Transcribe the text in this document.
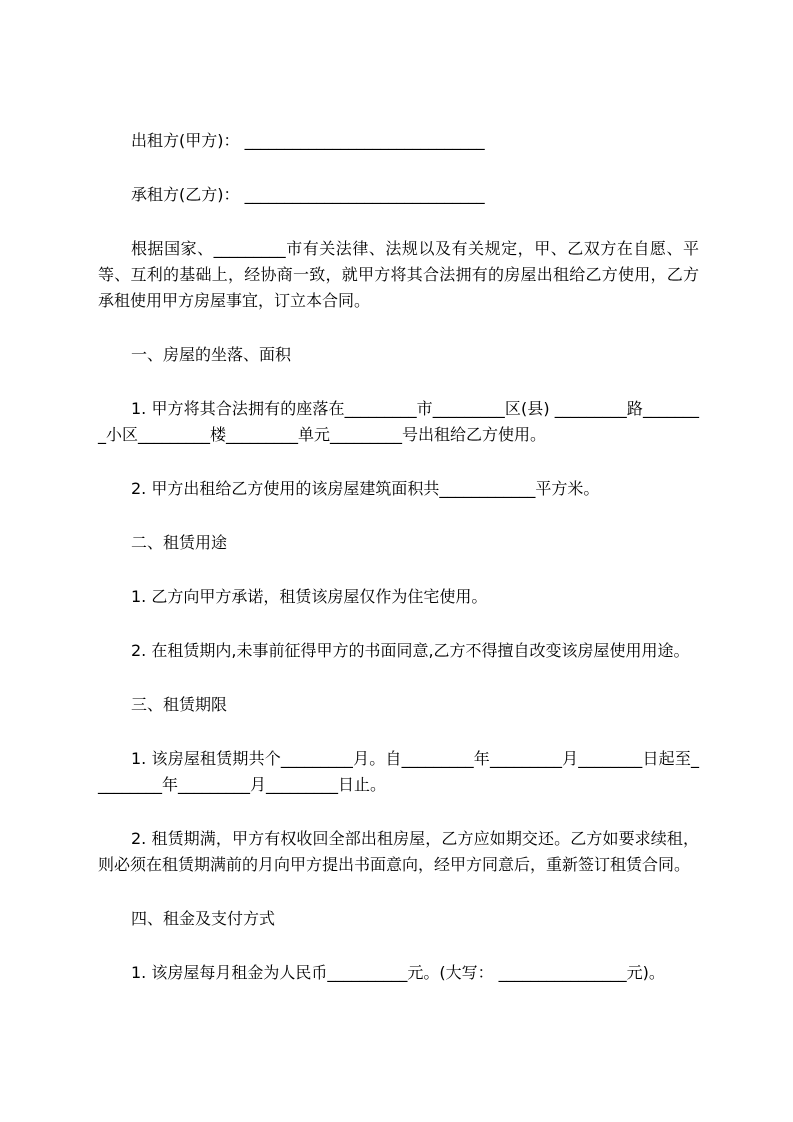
出租方(甲方)： ______________________________

承租方(乙方)： ______________________________

根据国家、_________市有关法律、法规以及有关规定，甲、乙双方在自愿、平等、互利的基础上，经协商一致，就甲方将其合法拥有的房屋出租给乙方使用，乙方承租使用甲方房屋事宜，订立本合同。

一、房屋的坐落、面积

1. 甲方将其合法拥有的座落在_________市_________区(县) _________路________小区_________楼_________单元_________号出租给乙方使用。

2. 甲方出租给乙方使用的该房屋建筑面积共____________平方米。

二、租赁用途

1. 乙方向甲方承诺，租赁该房屋仅作为住宅使用。

2. 在租赁期内,未事前征得甲方的书面同意,乙方不得擅自改变该房屋使用用途。

三、租赁期限

1. 该房屋租赁期共个_________月。自_________年_________月________日起至_________年_________月_________日止。

2. 租赁期满，甲方有权收回全部出租房屋，乙方应如期交还。乙方如要求续租，则必须在租赁期满前的月向甲方提出书面意向，经甲方同意后，重新签订租赁合同。

四、租金及支付方式

1. 该房屋每月租金为人民币__________元。(大写： ________________元)。
